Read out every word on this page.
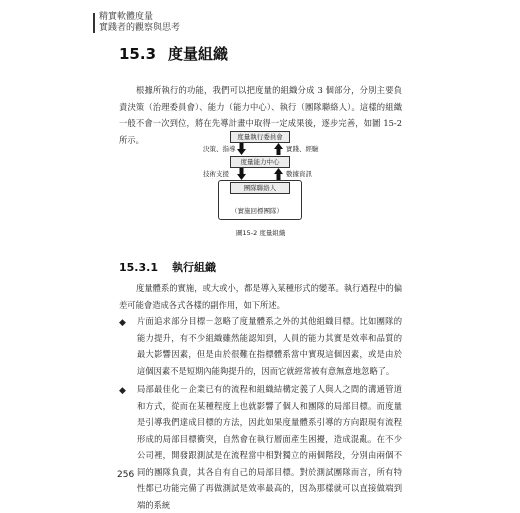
精實軟體度量
實踐者的觀察與思考
15.3 度量組織

根據所執行的功能，我們可以把度量的組織分成 3 個部分，分別主要負責決策（治理委員會）、能力（能力中心）、執行（團隊聯絡人）。這樣的組織一般不會一次到位，將在先導計畫中取得一定成果後，逐步完善，如圖 15-2 所示。	度量執行委員會
決策、指導	實踐、經驗
度量能力中心
技術支援	數據資訊
團隊聯絡人
（實施回標團隊）
圖15-2 度量組織
15.3.1 執行組織

度量體系的實施，或大或小，都是導入某種形式的變革。執行過程中的偏差可能會造成各式各樣的副作用，如下所述。

◆ 片面追求部分目標－忽略了度量體系之外的其他組織目標。比如團隊的能力提升，有不少組織雖然能認知到，人員的能力其實是效率和品質的最大影響因素，但是由於很難在指標體系當中實現這個因素，或是由於這個因素不是短期內能夠提升的，因而它就經常被有意無意地忽略了。

◆ 局部最佳化－企業已有的流程和組織結構定義了人與人之間的溝通管道和方式，從而在某種程度上也就影響了個人和團隊的局部目標。而度量是引導我們達成目標的方法，因此如果度量體系引導的方向跟現有流程形成的局部目標衝突，自然會在執行層面產生困擾，造成混亂。在不少公司裡，開發跟測試是在流程當中相對獨立的兩個階段，分別由兩個不同的團隊負責，其各自有自己的局部目標。對於測試團隊而言，所有特性都已功能完備了再做測試是效率最高的，因為那樣就可以直接做端到端的系統

256
